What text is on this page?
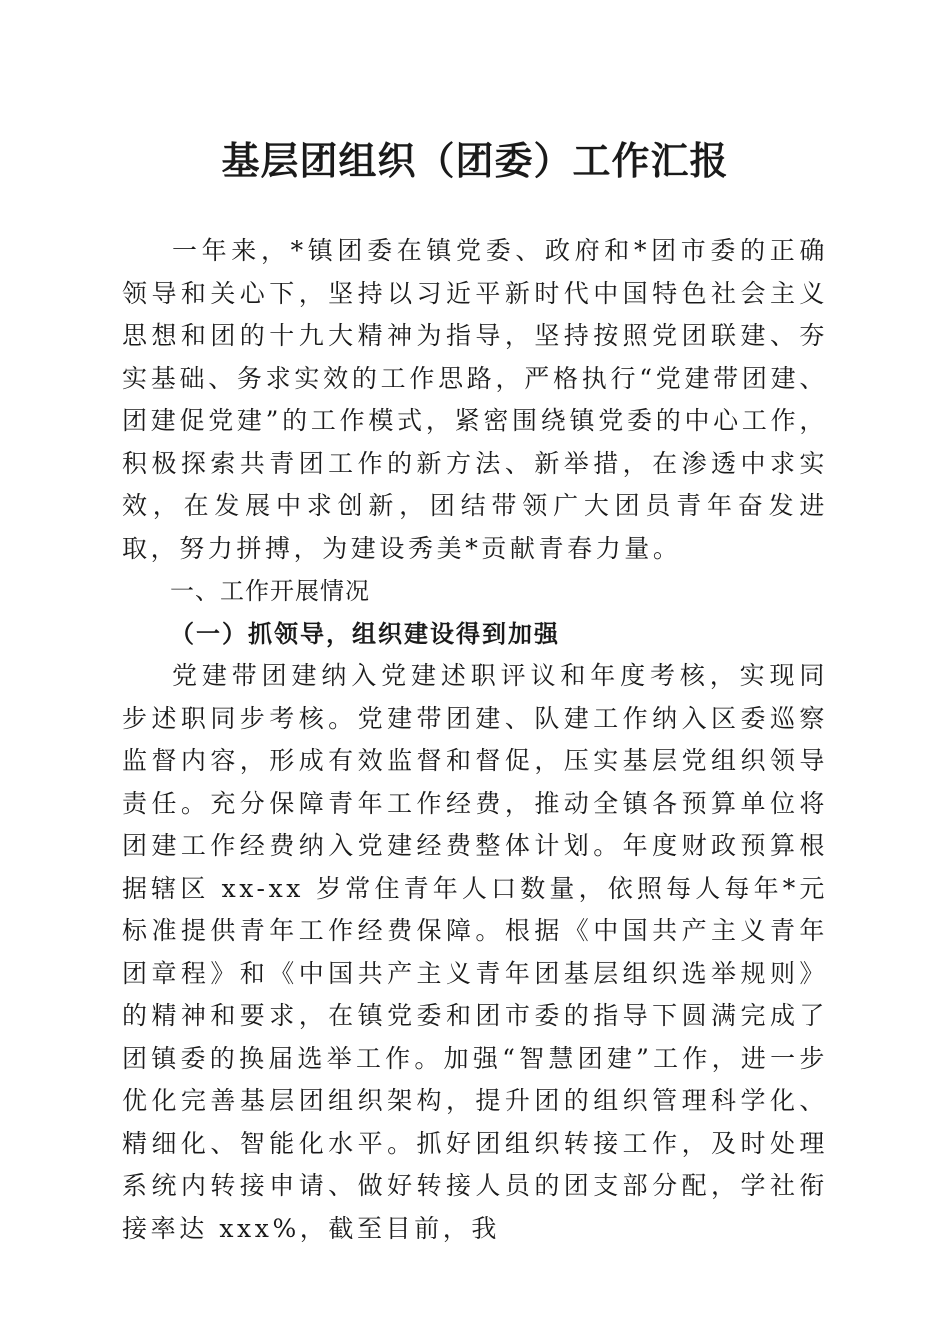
基层团组织（团委）工作汇报

一年来，*镇团委在镇党委、政府和*团市委的正确领导和关心下，坚持以习近平新时代中国特色社会主义思想和团的十九大精神为指导，坚持按照党团联建、夯实基础、务求实效的工作思路，严格执行“党建带团建、团建促党建”的工作模式，紧密围绕镇党委的中心工作，积极探索共青团工作的新方法、新举措，在渗透中求实效，在发展中求创新，团结带领广大团员青年奋发进取，努力拼搏，为建设秀美*贡献青春力量。

一、工作开展情况

（一）抓领导，组织建设得到加强

党建带团建纳入党建述职评议和年度考核，实现同步述职同步考核。党建带团建、队建工作纳入区委巡察监督内容，形成有效监督和督促，压实基层党组织领导责任。充分保障青年工作经费，推动全镇各预算单位将团建工作经费纳入党建经费整体计划。年度财政预算根据辖区 xx-xx 岁常住青年人口数量，依照每人每年*元标准提供青年工作经费保障。根据《中国共产主义青年团章程》和《中国共产主义青年团基层组织选举规则》的精神和要求，在镇党委和团市委的指导下圆满完成了团镇委的换届选举工作。加强“智慧团建”工作，进一步优化完善基层团组织架构，提升团的组织管理科学化、精细化、智能化水平。抓好团组织转接工作，及时处理系统内转接申请、做好转接人员的团支部分配，学社衔接率达 xxx%，截至目前，我
